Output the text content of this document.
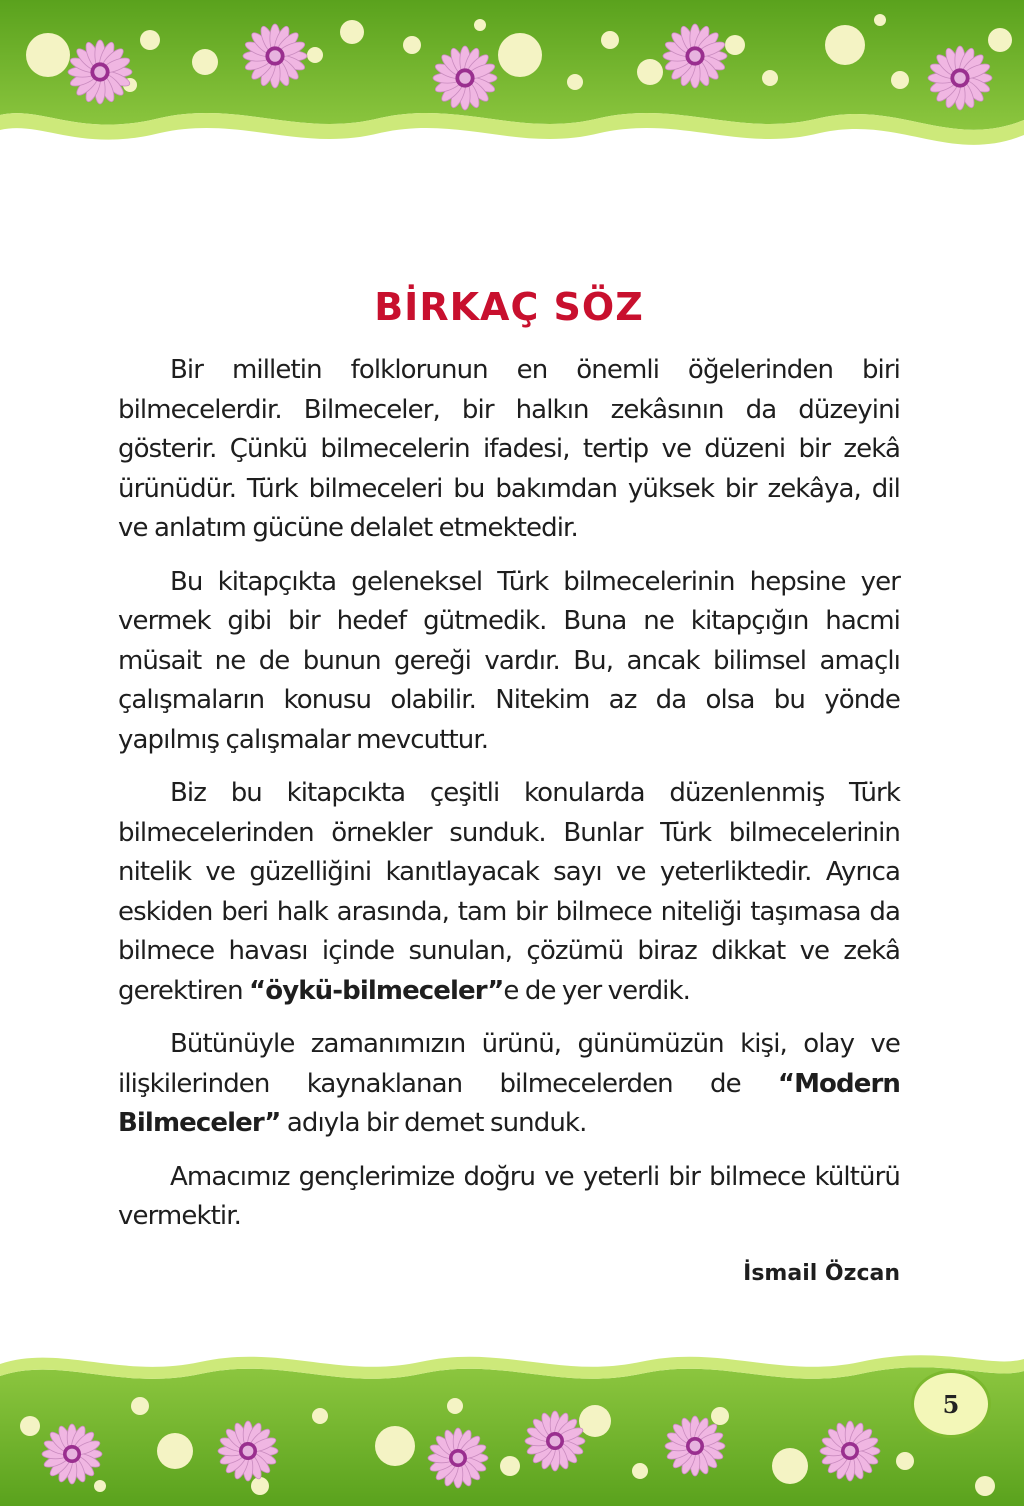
BİRKAÇ SÖZ

Bir milletin folklorunun en önemli öğelerinden biri bilmecelerdir. Bilmeceler, bir halkın zekâsının da düzeyini gösterir. Çünkü bilmecelerin ifadesi, tertip ve düzeni bir zekâ ürünüdür. Türk bilmeceleri bu bakımdan yüksek bir zekâya, dil ve anlatım gücüne delalet etmektedir.

Bu kitapçıkta geleneksel Türk bilmecelerinin hepsine yer vermek gibi bir hedef gütmedik. Buna ne kitapçığın hacmi müsait ne de bunun gereği vardır. Bu, ancak bilimsel amaçlı çalışmaların konusu olabilir. Nitekim az da olsa bu yönde yapılmış çalışmalar mevcuttur.

Biz bu kitapcıkta çeşitli konularda düzenlenmiş Türk bilmecelerinden örnekler sunduk. Bunlar Türk bilmecelerinin nitelik ve güzelliğini kanıtlayacak sayı ve yeterliktedir. Ayrıca eskiden beri halk arasında, tam bir bilmece niteliği taşımasa da bilmece havası içinde sunulan, çözümü biraz dikkat ve zekâ gerektiren “öykü-bilmeceler”e de yer verdik.

Bütünüyle zamanımızın ürünü, günümüzün kişi, olay ve ilişkilerinden kaynaklanan bilmecelerden de “Modern Bilmeceler” adıyla bir demet sunduk.

Amacımız gençlerimize doğru ve yeterli bir bilmece kültürü vermektir.

İsmail Özcan
5
